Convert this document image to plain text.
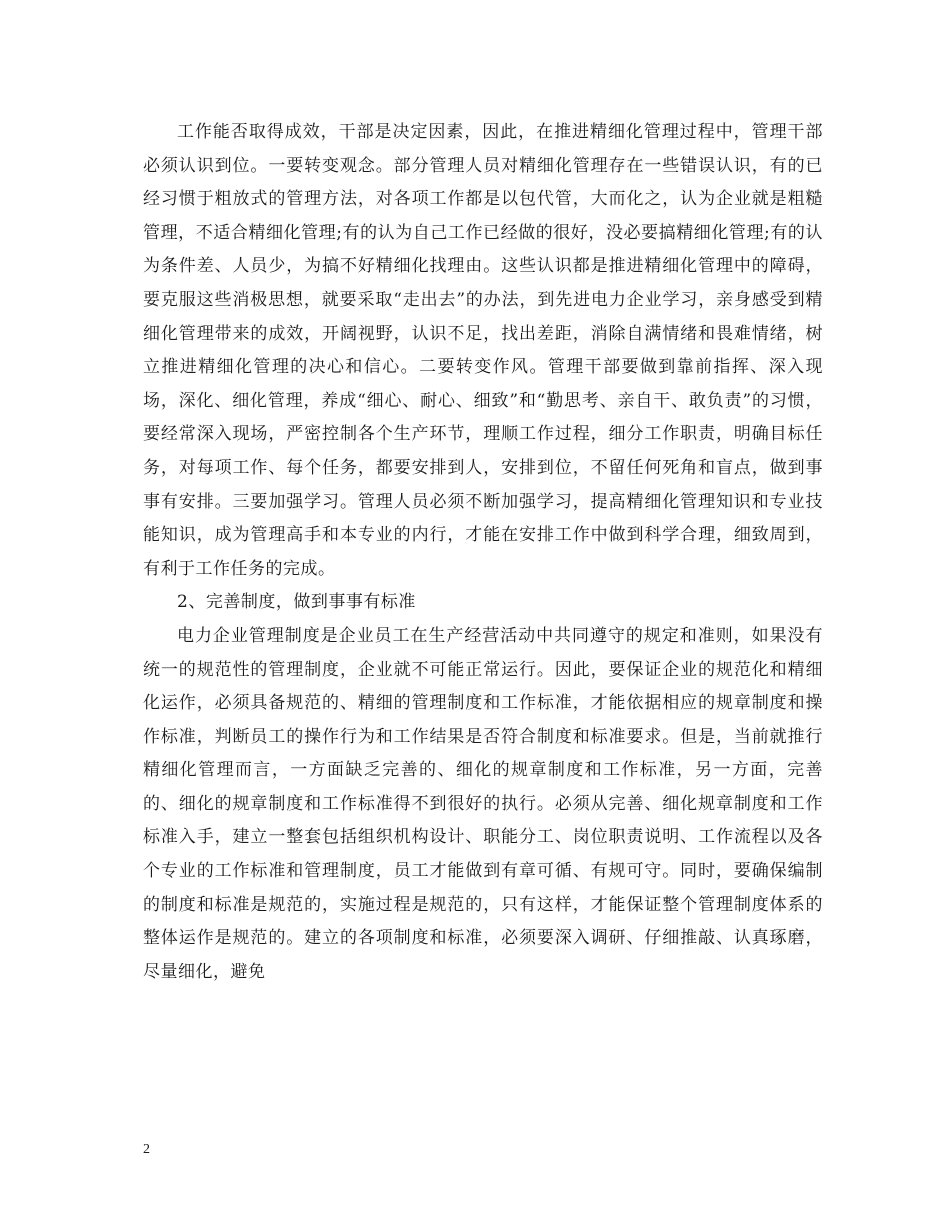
工作能否取得成效，干部是决定因素，因此，在推进精细化管理过程中，管理干部必须认识到位。一要转变观念。部分管理人员对精细化管理存在一些错误认识，有的已经习惯于粗放式的管理方法，对各项工作都是以包代管，大而化之，认为企业就是粗糙管理，不适合精细化管理;有的认为自己工作已经做的很好，没必要搞精细化管理;有的认为条件差、人员少，为搞不好精细化找理由。这些认识都是推进精细化管理中的障碍，要克服这些消极思想，就要采取“走出去”的办法，到先进电力企业学习，亲身感受到精细化管理带来的成效，开阔视野，认识不足，找出差距，消除自满情绪和畏难情绪，树立推进精细化管理的决心和信心。二要转变作风。管理干部要做到靠前指挥、深入现场，深化、细化管理，养成“细心、耐心、细致”和“勤思考、亲自干、敢负责”的习惯，要经常深入现场，严密控制各个生产环节，理顺工作过程，细分工作职责，明确目标任务，对每项工作、每个任务，都要安排到人，安排到位，不留任何死角和盲点，做到事事有安排。三要加强学习。管理人员必须不断加强学习，提高精细化管理知识和专业技能知识，成为管理高手和本专业的内行，才能在安排工作中做到科学合理，细致周到，有利于工作任务的完成。

2、完善制度，做到事事有标准

电力企业管理制度是企业员工在生产经营活动中共同遵守的规定和准则，如果没有统一的规范性的管理制度，企业就不可能正常运行。因此，要保证企业的规范化和精细化运作，必须具备规范的、精细的管理制度和工作标准，才能依据相应的规章制度和操作标准，判断员工的操作行为和工作结果是否符合制度和标准要求。但是，当前就推行精细化管理而言，一方面缺乏完善的、细化的规章制度和工作标准，另一方面，完善的、细化的规章制度和工作标准得不到很好的执行。必须从完善、细化规章制度和工作标准入手，建立一整套包括组织机构设计、职能分工、岗位职责说明、工作流程以及各个专业的工作标准和管理制度，员工才能做到有章可循、有规可守。同时，要确保编制的制度和标准是规范的，实施过程是规范的，只有这样，才能保证整个管理制度体系的整体运作是规范的。建立的各项制度和标准，必须要深入调研、仔细推敲、认真琢磨，尽量细化，避免

2
